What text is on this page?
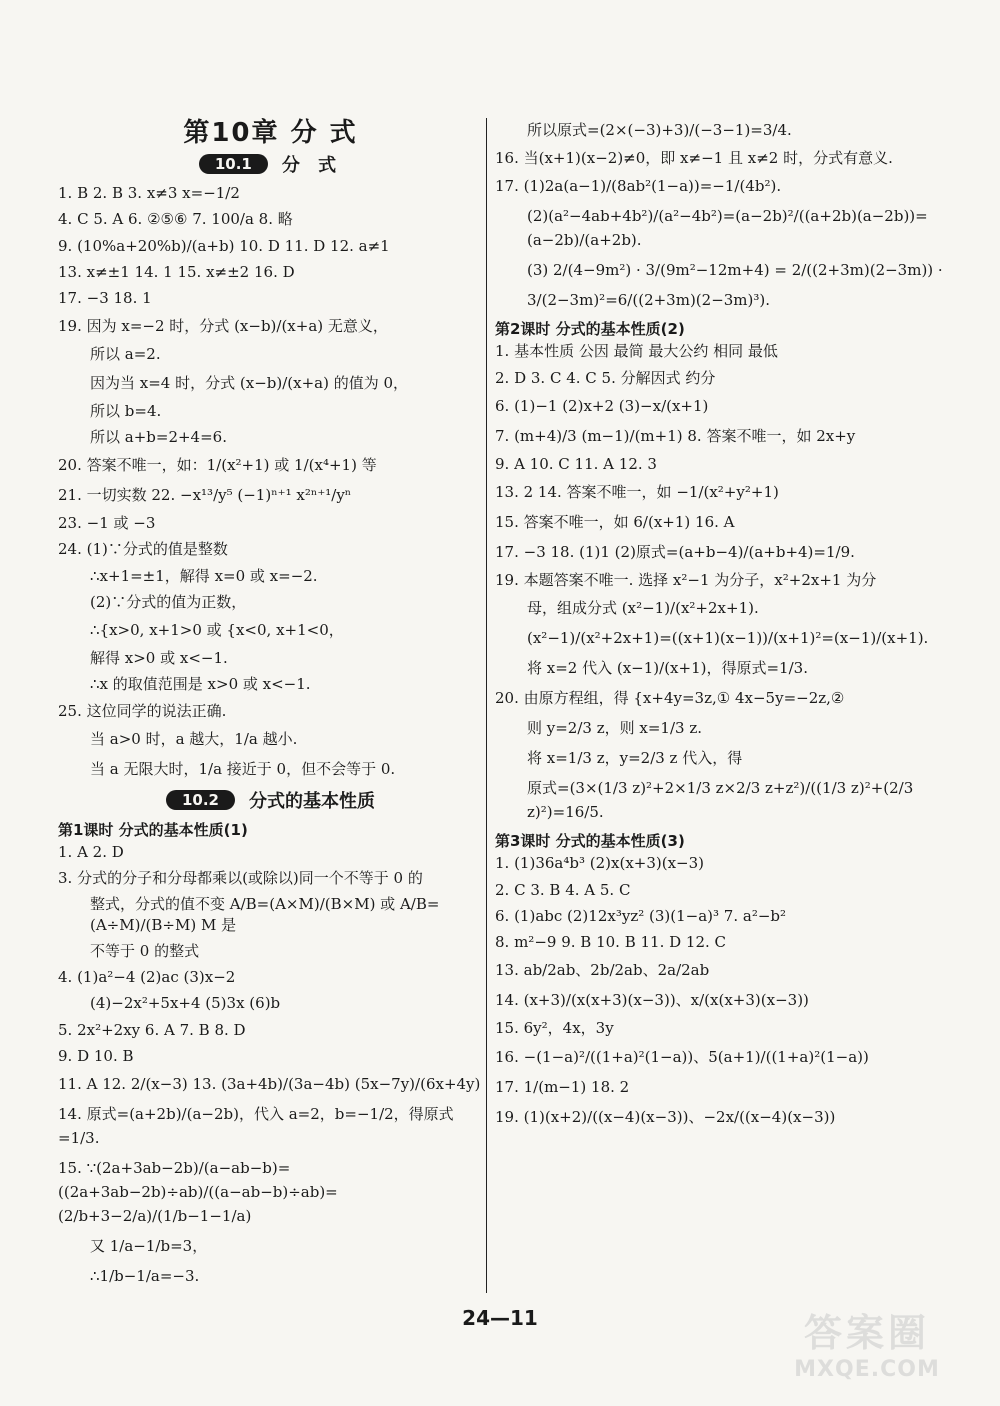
第10章 分 式
10.1	分 式
1. B 2. B 3. x≠3 x=−1/2
4. C 5. A 6. ②⑤⑥ 7. 100/a 8. 略
9. (10%a+20%b)/(a+b) 10. D 11. D 12. a≠1
13. x≠±1 14. 1 15. x≠±2 16. D
17. −3 18. 1
19. 因为 x=−2 时，分式 (x−b)/(x+a) 无意义，
所以 a=2.
因为当 x=4 时，分式 (x−b)/(x+a) 的值为 0，
所以 b=4.
所以 a+b=2+4=6.
20. 答案不唯一，如：1/(x²+1) 或 1/(x⁴+1) 等
21. 一切实数 22. −x¹³/y⁵ (−1)ⁿ⁺¹ x²ⁿ⁺¹/yⁿ
23. −1 或 −3
24. (1)∵分式的值是整数
∴x+1=±1，解得 x=0 或 x=−2.
(2)∵分式的值为正数，
∴{x>0, x+1>0 或 {x<0, x+1<0，
解得 x>0 或 x<−1.
∴x 的取值范围是 x>0 或 x<−1.
25. 这位同学的说法正确.
当 a>0 时，a 越大，1/a 越小.
当 a 无限大时，1/a 接近于 0，但不会等于 0.
10.2	分式的基本性质
第1课时 分式的基本性质(1)
1. A 2. D
3. 分式的分子和分母都乘以(或除以)同一个不等于 0 的
整式，分式的值不变 A/B=(A×M)/(B×M) 或 A/B=(A÷M)/(B÷M) M 是
不等于 0 的整式
4. (1)a²−4 (2)ac (3)x−2
(4)−2x²+5x+4 (5)3x (6)b
5. 2x²+2xy 6. A 7. B 8. D
9. D 10. B
11. A 12. 2/(x−3) 13. (3a+4b)/(3a−4b) (5x−7y)/(6x+4y)
14. 原式=(a+2b)/(a−2b)，代入 a=2，b=−1/2，得原式=1/3.
15. ∵(2a+3ab−2b)/(a−ab−b)=((2a+3ab−2b)÷ab)/((a−ab−b)÷ab)=(2/b+3−2/a)/(1/b−1−1/a)
又 1/a−1/b=3，
∴1/b−1/a=−3.
所以原式=(2×(−3)+3)/(−3−1)=3/4.
16. 当(x+1)(x−2)≠0，即 x≠−1 且 x≠2 时，分式有意义.
17. (1)2a(a−1)/(8ab²(1−a))=−1/(4b²).
(2)(a²−4ab+4b²)/(a²−4b²)=(a−2b)²/((a+2b)(a−2b))=(a−2b)/(a+2b).
(3) 2/(4−9m²) · 3/(9m²−12m+4) = 2/((2+3m)(2−3m)) ·
3/(2−3m)²=6/((2+3m)(2−3m)³).
第2课时 分式的基本性质(2)
1. 基本性质 公因 最简 最大公约 相同 最低
2. D 3. C 4. C 5. 分解因式 约分
6. (1)−1 (2)x+2 (3)−x/(x+1)
7. (m+4)/3 (m−1)/(m+1) 8. 答案不唯一，如 2x+y
9. A 10. C 11. A 12. 3
13. 2 14. 答案不唯一，如 −1/(x²+y²+1)
15. 答案不唯一，如 6/(x+1) 16. A
17. −3 18. (1)1 (2)原式=(a+b−4)/(a+b+4)=1/9.
19. 本题答案不唯一. 选择 x²−1 为分子，x²+2x+1 为分
母，组成分式 (x²−1)/(x²+2x+1).
(x²−1)/(x²+2x+1)=((x+1)(x−1))/(x+1)²=(x−1)/(x+1).
将 x=2 代入 (x−1)/(x+1)，得原式=1/3.
20. 由原方程组，得 {x+4y=3z,① 4x−5y=−2z,②
则 y=2/3 z，则 x=1/3 z.
将 x=1/3 z，y=2/3 z 代入，得
原式=(3×(1/3 z)²+2×1/3 z×2/3 z+z²)/((1/3 z)²+(2/3 z)²)=16/5.
第3课时 分式的基本性质(3)
1. (1)36a⁴b³ (2)x(x+3)(x−3)
2. C 3. B 4. A 5. C
6. (1)abc (2)12x³yz² (3)(1−a)³ 7. a²−b²
8. m²−9 9. B 10. B 11. D 12. C
13. ab/2ab、2b/2ab、2a/2ab
14. (x+3)/(x(x+3)(x−3))、x/(x(x+3)(x−3))
15. 6y²，4x，3y
16. −(1−a)²/((1+a)²(1−a))、5(a+1)/((1+a)²(1−a))
17. 1/(m−1) 18. 2
19. (1)(x+2)/((x−4)(x−3))、−2x/((x−4)(x−3))
24—11	答案圈
MXQE.COM
